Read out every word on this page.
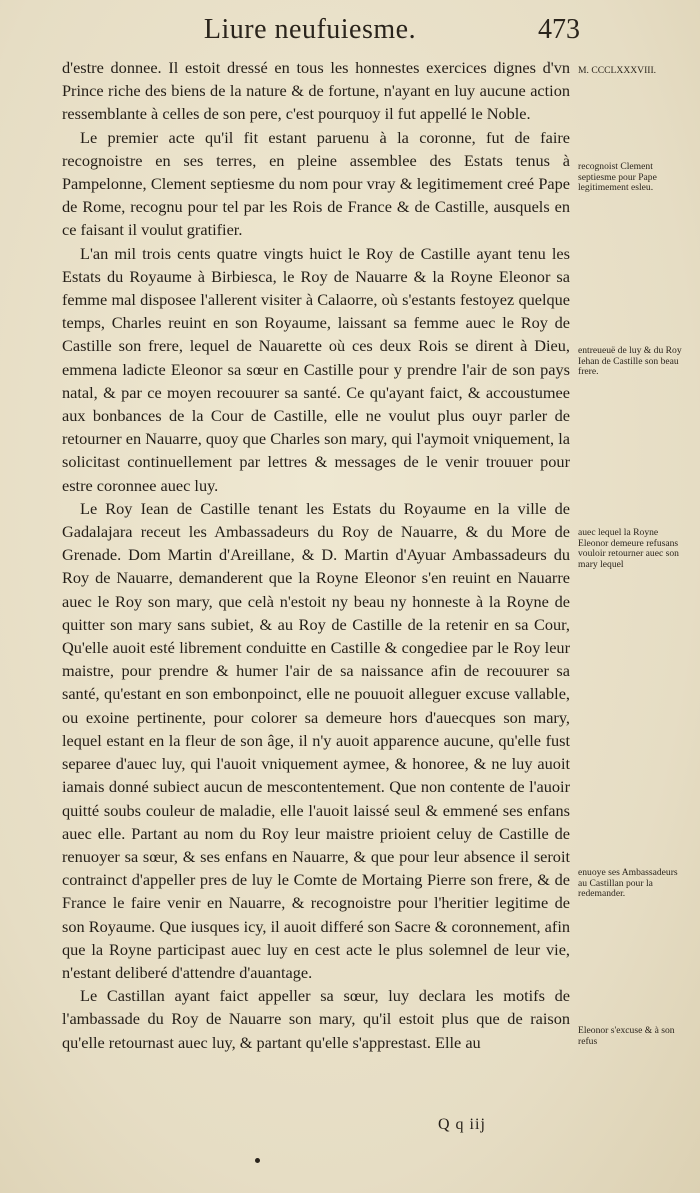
Liure neufuiesme.	473

d'estre donnee. Il estoit dressé en tous les honnestes exercices dignes d'vn Prince riche des biens de la nature & de fortune, n'ayant en luy aucune action ressemblante à celles de son pere, c'est pourquoy il fut appellé le Noble.

Le premier acte qu'il fit estant paruenu à la coronne, fut de faire recognoistre en ses terres, en pleine assemblee des Estats tenus à Pampelonne, Clement septiesme du nom pour vray & legitimement creé Pape de Rome, recognu pour tel par les Rois de France & de Castille, ausquels en ce faisant il voulut gratifier.

L'an mil trois cents quatre vingts huict le Roy de Castille ayant tenu les Estats du Royaume à Birbiesca, le Roy de Nauarre & la Royne Eleonor sa femme mal disposee l'allerent visiter à Calaorre, où s'estants festoyez quelque temps, Charles reuint en son Royaume, laissant sa femme auec le Roy de Castille son frere, lequel de Nauarette où ces deux Rois se dirent à Dieu, emmena ladicte Eleonor sa sœur en Castille pour y prendre l'air de son pays natal, & par ce moyen recouurer sa santé. Ce qu'ayant faict, & accoustumee aux bonbances de la Cour de Castille, elle ne voulut plus ouyr parler de retourner en Nauarre, quoy que Charles son mary, qui l'aymoit vniquement, la solicitast continuellement par lettres & messages de le venir trouuer pour estre coronnee auec luy.

Le Roy Iean de Castille tenant les Estats du Royaume en la ville de Gadalajara receut les Ambassadeurs du Roy de Nauarre, & du More de Grenade. Dom Martin d'Areillane, & D. Martin d'Ayuar Ambassadeurs du Roy de Nauarre, demanderent que la Royne Eleonor s'en reuint en Nauarre auec le Roy son mary, que celà n'estoit ny beau ny honneste à la Royne de quitter son mary sans subiet, & au Roy de Castille de la retenir en sa Cour, Qu'elle auoit esté librement conduitte en Castille & congediee par le Roy leur maistre, pour prendre & humer l'air de sa naissance afin de recouurer sa santé, qu'estant en son embonpoinct, elle ne pouuoit alleguer excuse vallable, ou exoine pertinente, pour colorer sa demeure hors d'auecques son mary, lequel estant en la fleur de son âge, il n'y auoit apparence aucune, qu'elle fust separee d'auec luy, qui l'auoit vniquement aymee, & honoree, & ne luy auoit iamais donné subiect aucun de mescontentement. Que non contente de l'auoir quitté soubs couleur de maladie, elle l'auoit laissé seul & emmené ses enfans auec elle. Partant au nom du Roy leur maistre prioient celuy de Castille de renuoyer sa sœur, & ses enfans en Nauarre, & que pour leur absence il seroit contrainct d'appeller pres de luy le Comte de Mortaing Pierre son frere, & de France le faire venir en Nauarre, & recognoistre pour l'heritier legitime de son Royaume. Que iusques icy, il auoit differé son Sacre & coronnement, afin que la Royne participast auec luy en cest acte le plus solemnel de leur vie, n'estant deliberé d'attendre d'auantage.

Le Castillan ayant faict appeller sa sœur, luy declara les motifs de l'ambassade du Roy de Nauarre son mary, qu'il estoit plus que de raison qu'elle retournast auec luy, & partant qu'elle s'apprestast. Elle au

M. CCCLXXXVIII.
recognoist Clement septiesme pour Pape legitimement esleu.
entreueuë de luy & du Roy Iehan de Castille son beau frere.
auec lequel la Royne Eleonor demeure refusans vouloir retourner auec son mary lequel
enuoye ses Ambassadeurs au Castillan pour la redemander.
Eleonor s'excuse & à son refus
Q q iij
